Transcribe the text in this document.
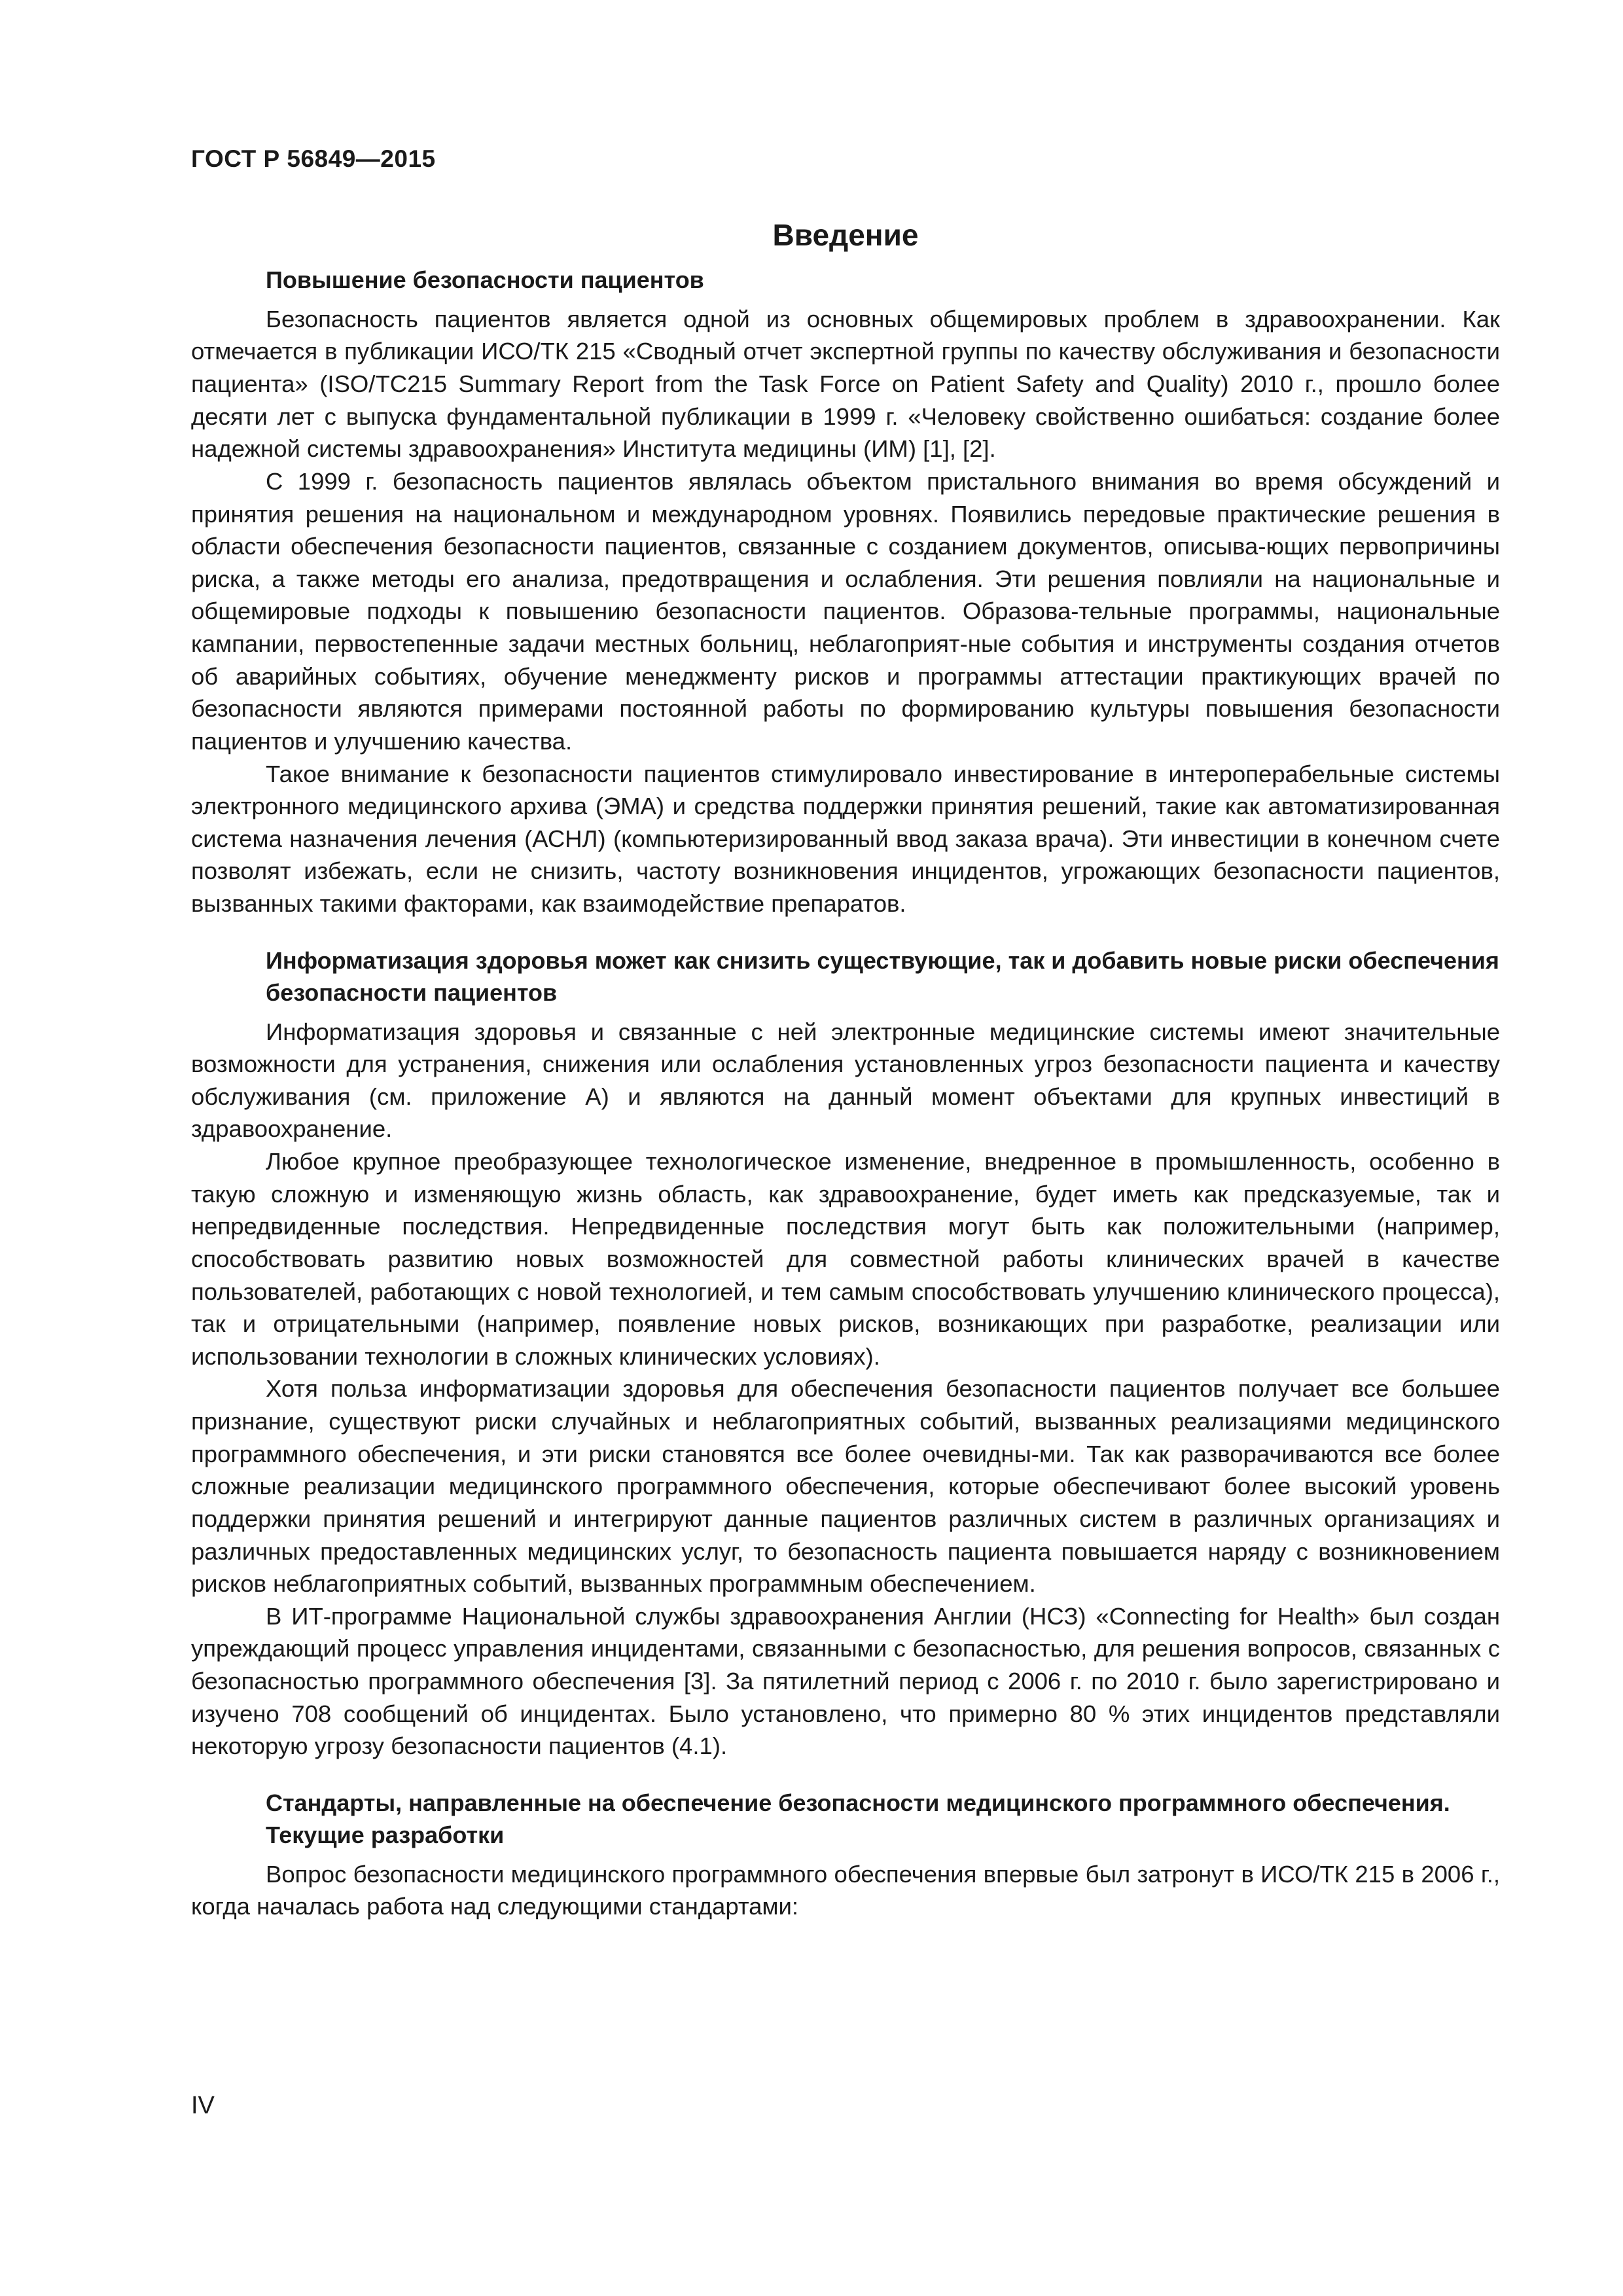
ГОСТ Р 56849—2015

Введение
Повышение безопасности пациентов

Безопасность пациентов является одной из основных общемировых проблем в здравоохранении. Как отмечается в публикации ИСО/ТК 215 «Сводный отчет экспертной группы по качеству обслуживания и безопасности пациента» (ISO/TC215 Summary Report from the Task Force on Patient Safety and Quality) 2010 г., прошло более десяти лет с выпуска фундаментальной публикации в 1999 г. «Человеку свойственно ошибаться: создание более надежной системы здравоохранения» Института медицины (ИМ) [1], [2].

С 1999 г. безопасность пациентов являлась объектом пристального внимания во время обсуждений и принятия решения на национальном и международном уровнях. Появились передовые практические решения в области обеспечения безопасности пациентов, связанные с созданием документов, описыва-ющих первопричины риска, а также методы его анализа, предотвращения и ослабления. Эти решения повлияли на национальные и общемировые подходы к повышению безопасности пациентов. Образова-тельные программы, национальные кампании, первостепенные задачи местных больниц, неблагоприят-ные события и инструменты создания отчетов об аварийных событиях, обучение менеджменту рисков и программы аттестации практикующих врачей по безопасности являются примерами постоянной работы по формированию культуры повышения безопасности пациентов и улучшению качества.

Такое внимание к безопасности пациентов стимулировало инвестирование в интероперабельные системы электронного медицинского архива (ЭМА) и средства поддержки принятия решений, такие как автоматизированная система назначения лечения (АСНЛ) (компьютеризированный ввод заказа врача). Эти инвестиции в конечном счете позволят избежать, если не снизить, частоту возникновения инцидентов, угрожающих безопасности пациентов, вызванных такими факторами, как взаимодействие препаратов.

Информатизация здоровья может как снизить существующие, так и добавить новые риски обеспечения безопасности пациентов

Информатизация здоровья и связанные с ней электронные медицинские системы имеют значительные возможности для устранения, снижения или ослабления установленных угроз безопасности пациента и качеству обслуживания (см. приложение А) и являются на данный момент объектами для крупных инвестиций в здравоохранение.

Любое крупное преобразующее технологическое изменение, внедренное в промышленность, особенно в такую сложную и изменяющую жизнь область, как здравоохранение, будет иметь как предсказуемые, так и непредвиденные последствия. Непредвиденные последствия могут быть как положительными (например, способствовать развитию новых возможностей для совместной работы клинических врачей в качестве пользователей, работающих с новой технологией, и тем самым способствовать улучшению клинического процесса), так и отрицательными (например, появление новых рисков, возникающих при разработке, реализации или использовании технологии в сложных клинических условиях).

Хотя польза информатизации здоровья для обеспечения безопасности пациентов получает все большее признание, существуют риски случайных и неблагоприятных событий, вызванных реализациями медицинского программного обеспечения, и эти риски становятся все более очевидны-ми. Так как разворачиваются все более сложные реализации медицинского программного обеспечения, которые обеспечивают более высокий уровень поддержки принятия решений и интегрируют данные пациентов различных систем в различных организациях и различных предоставленных медицинских услуг, то безопасность пациента повышается наряду с возникновением рисков неблагоприятных событий, вызванных программным обеспечением.

В ИТ-программе Национальной службы здравоохранения Англии (НСЗ) «Connecting for Health» был создан упреждающий процесс управления инцидентами, связанными с безопасностью, для решения вопросов, связанных с безопасностью программного обеспечения [3]. За пятилетний период с 2006 г. по 2010 г. было зарегистрировано и изучено 708 сообщений об инцидентах. Было установлено, что примерно 80 % этих инцидентов представляли некоторую угрозу безопасности пациентов (4.1).

Стандарты, направленные на обеспечение безопасности медицинского программного обеспечения. Текущие разработки

Вопрос безопасности медицинского программного обеспечения впервые был затронут в ИСО/ТК 215 в 2006 г., когда началась работа над следующими стандартами:

IV
